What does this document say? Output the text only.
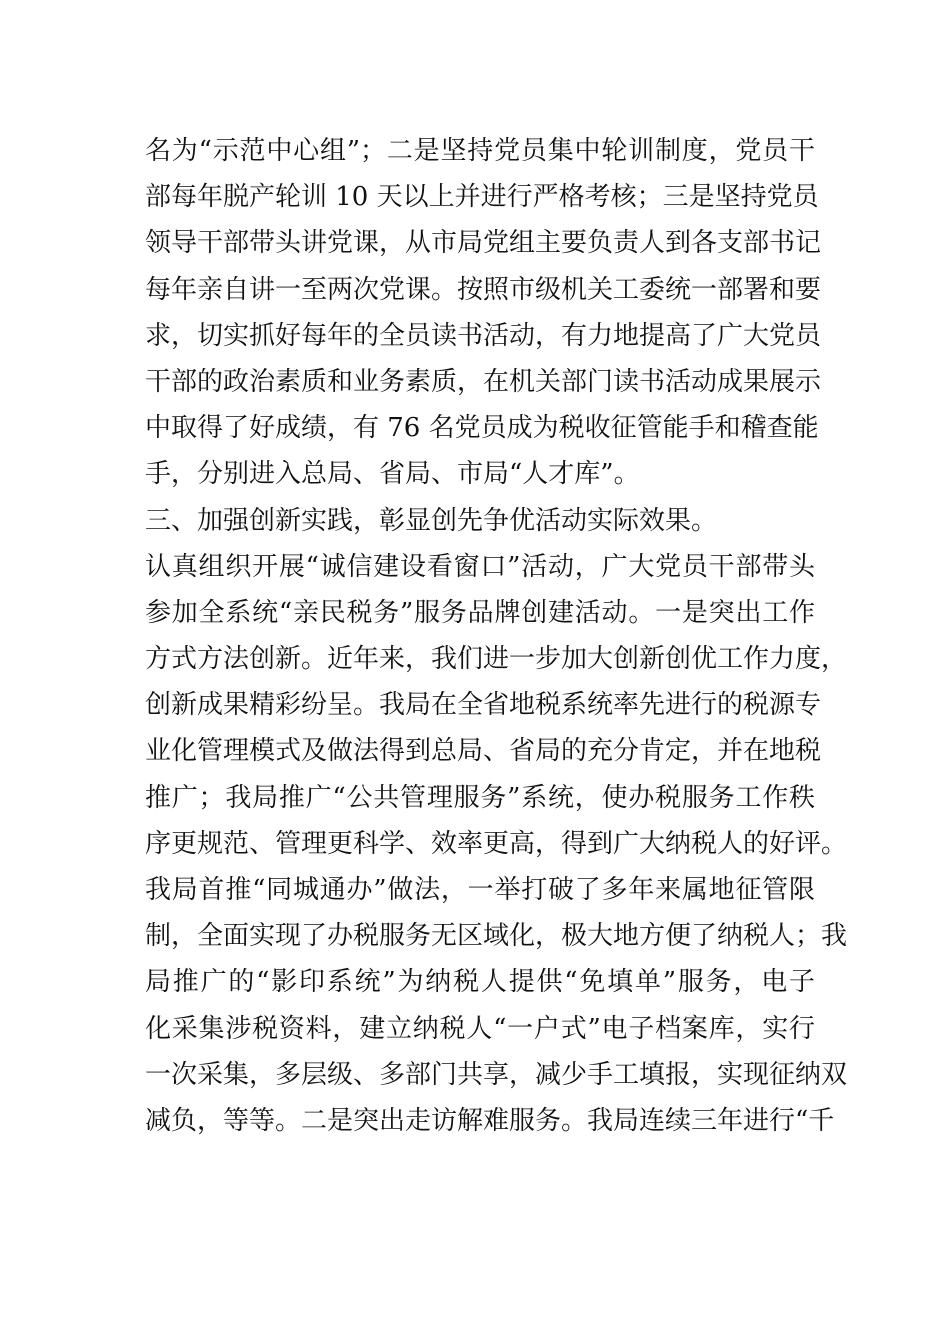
名为“示范中心组”；二是坚持党员集中轮训制度，党员干
部每年脱产轮训 10 天以上并进行严格考核；三是坚持党员
领导干部带头讲党课，从市局党组主要负责人到各支部书记
每年亲自讲一至两次党课。按照市级机关工委统一部署和要
求，切实抓好每年的全员读书活动，有力地提高了广大党员
干部的政治素质和业务素质，在机关部门读书活动成果展示
中取得了好成绩，有 76 名党员成为税收征管能手和稽查能
手，分别进入总局、省局、市局“人才库”。
三、加强创新实践，彰显创先争优活动实际效果。
认真组织开展“诚信建设看窗口”活动，广大党员干部带头
参加全系统“亲民税务”服务品牌创建活动。一是突出工作
方式方法创新。近年来，我们进一步加大创新创优工作力度，
创新成果精彩纷呈。我局在全省地税系统率先进行的税源专
业化管理模式及做法得到总局、省局的充分肯定，并在地税
推广；我局推广“公共管理服务”系统，使办税服务工作秩
序更规范、管理更科学、效率更高，得到广大纳税人的好评。
我局首推“同城通办”做法，一举打破了多年来属地征管限
制，全面实现了办税服务无区域化，极大地方便了纳税人；我
局推广的“影印系统”为纳税人提供“免填单”服务，电子
化采集涉税资料，建立纳税人“一户式”电子档案库，实行
一次采集，多层级、多部门共享，减少手工填报，实现征纳双
减负，等等。二是突出走访解难服务。我局连续三年进行“千
